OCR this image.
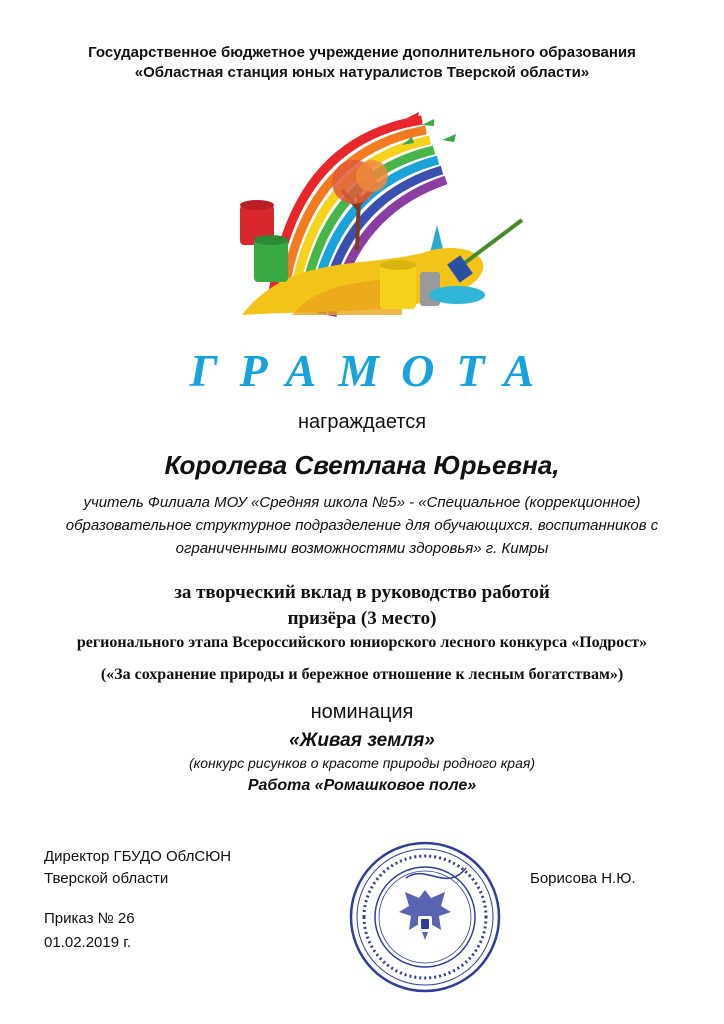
Государственное бюджетное учреждение дополнительного образования
«Областная станция юных натуралистов Тверской области»
ГРАМОТА
награждается
Королева Светлана Юрьевна,
учитель Филиала МОУ «Средняя школа №5» - «Специальное (коррекционное)
образовательное структурное подразделение для обучающихся. воспитанников с
ограниченными возможностями здоровья» г. Кимры
за творческий вклад в руководство работой
призёра (3 место)
регионального этапа Всероссийского юниорского лесного конкурса «Подрост»
(«За сохранение природы и бережное отношение к лесным богатствам»)
номинация
«Живая земля»
(конкурс рисунков о красоте природы родного края)
Работа «Ромашковое поле»
Директор ГБУДО ОблСЮН
Тверской области
Приказ № 26
01.02.2019 г.
Борисова Н.Ю.
